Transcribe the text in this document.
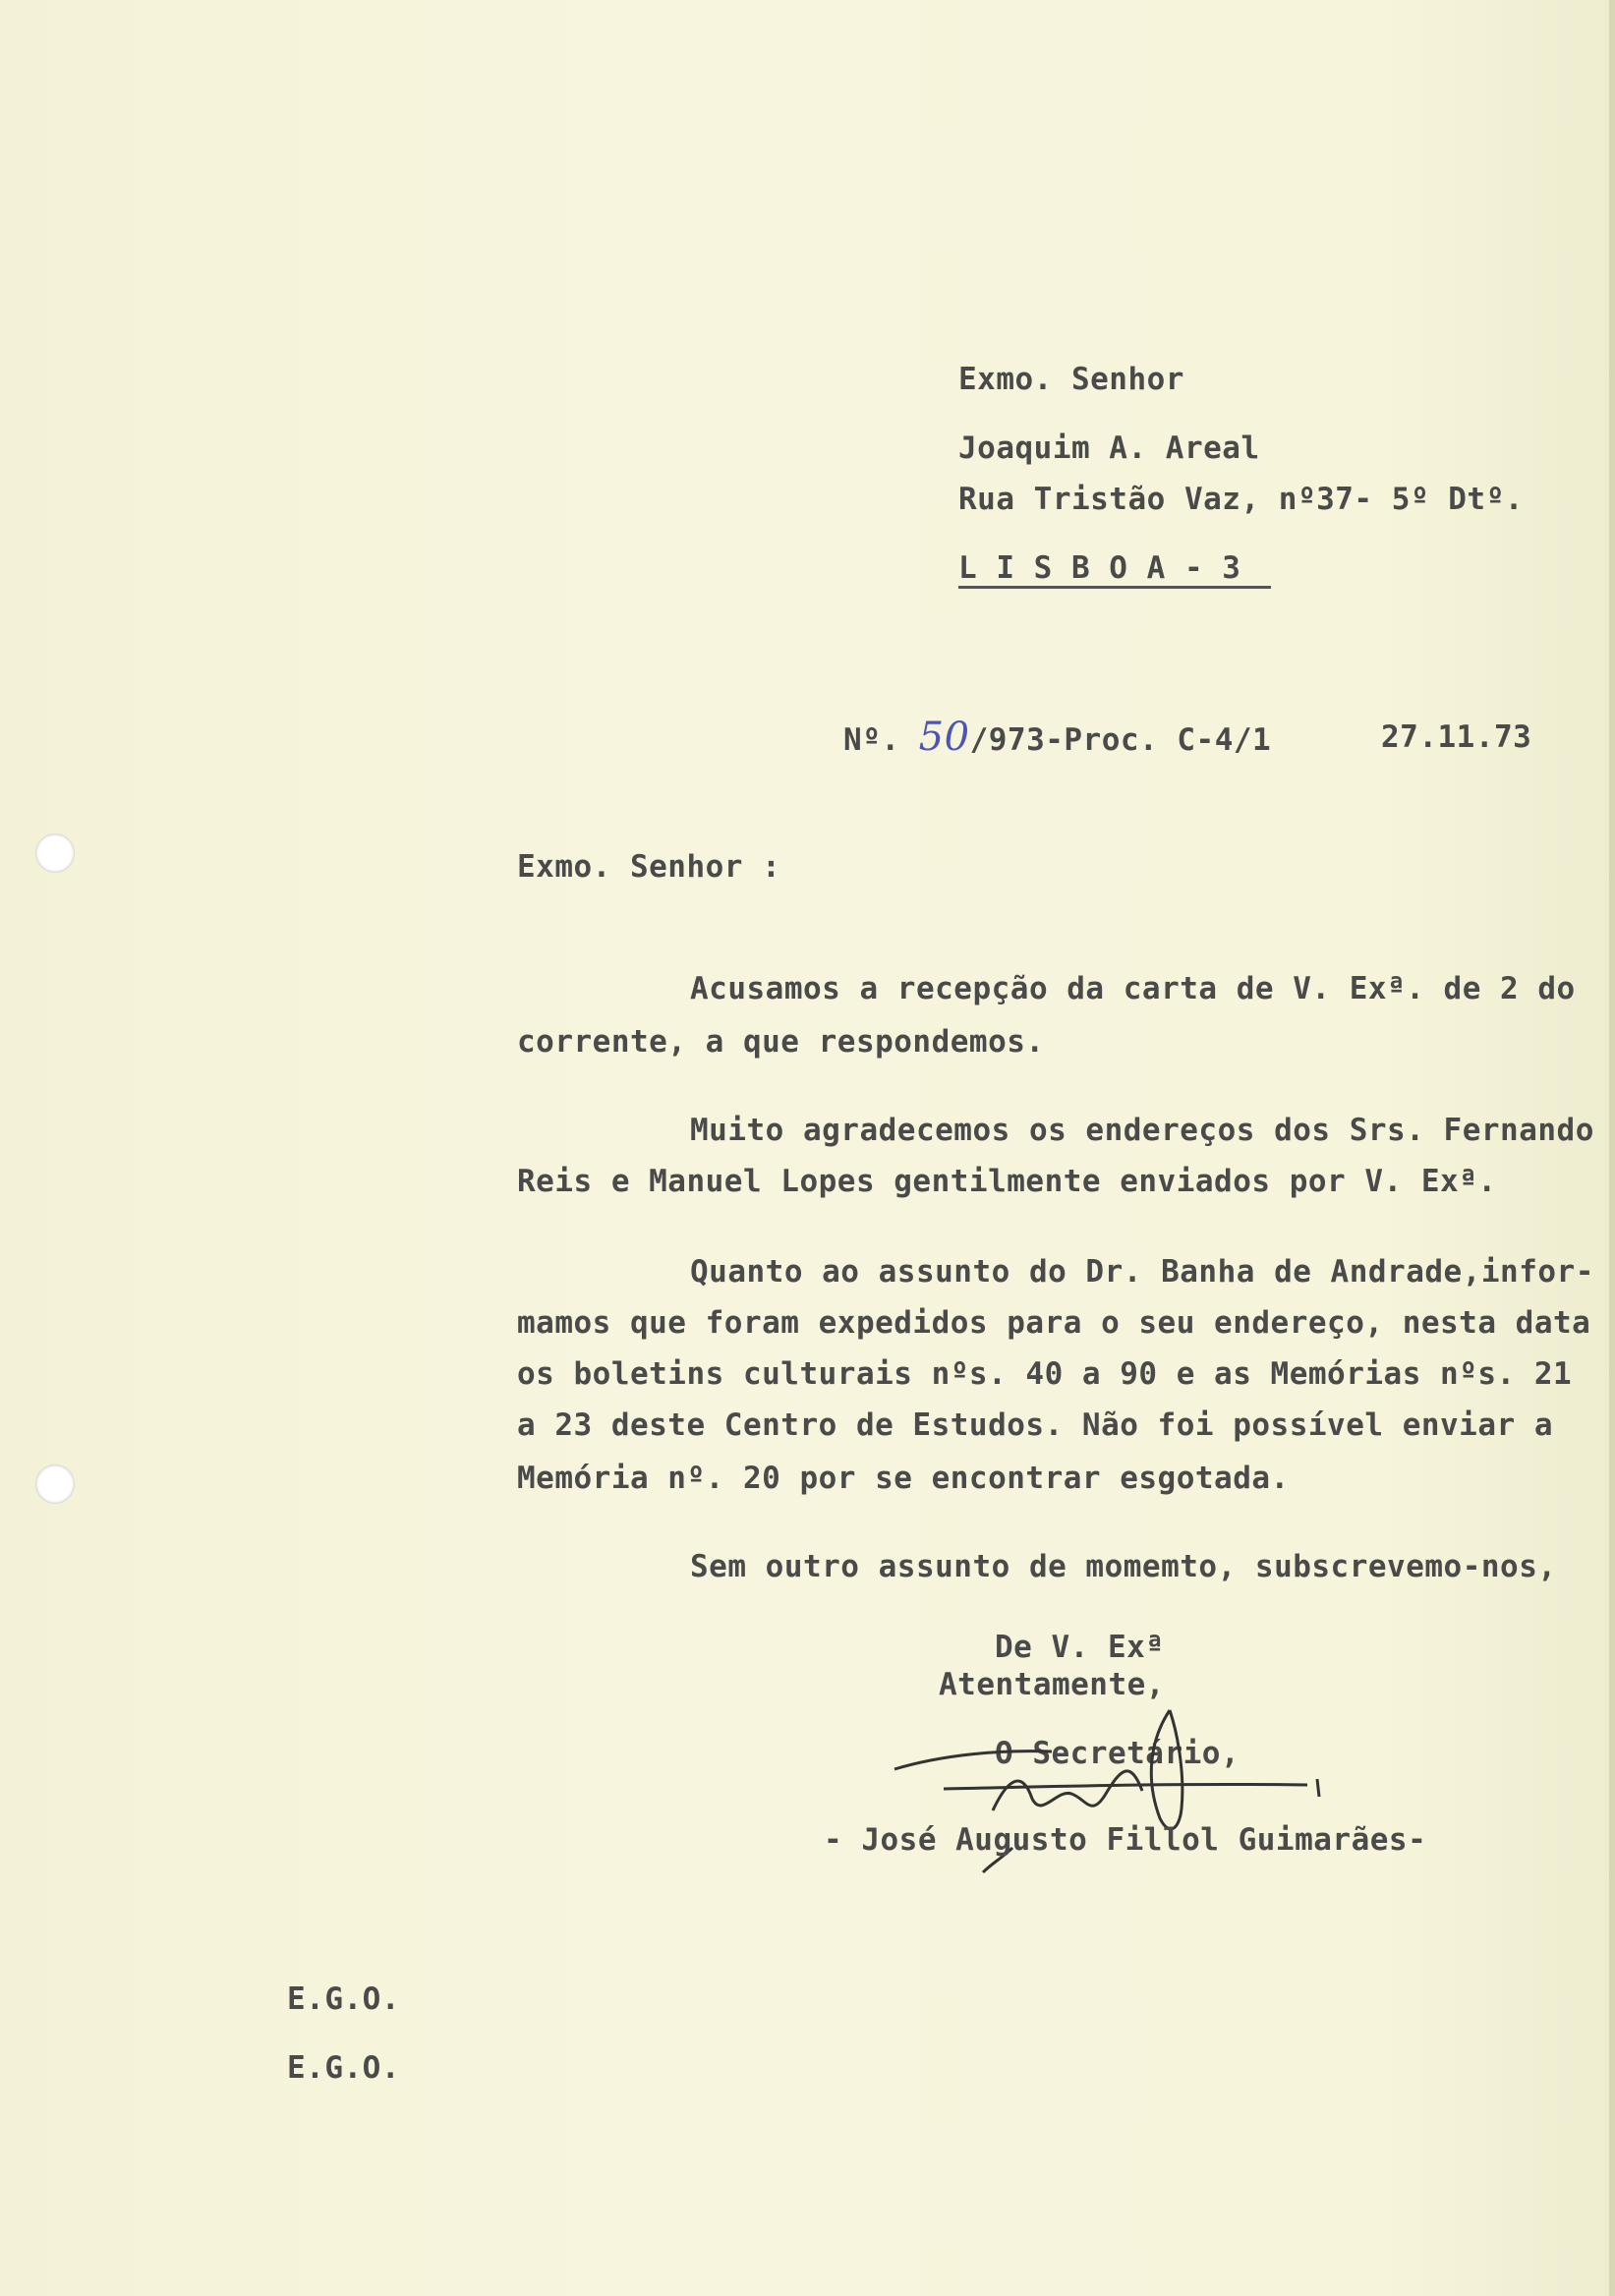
Exmo. Senhor
Joaquim A. Areal
Rua Tristão Vaz, nº37- 5º Dtº.
L I S B O A - 3
Nº. 50/973-Proc. C-4/1	27.11.73
Exmo. Senhor :
Acusamos a recepção da carta de V. Exª. de 2 do
corrente, a que respondemos.
Muito agradecemos os endereços dos Srs. Fernando
Reis e Manuel Lopes gentilmente enviados por V. Exª.
Quanto ao assunto do Dr. Banha de Andrade,infor-
mamos que foram expedidos para o seu endereço, nesta data
os boletins culturais nºs. 40 a 90 e as Memórias nºs. 21
a 23 deste Centro de Estudos. Não foi possível enviar a
Memória nº. 20 por se encontrar esgotada.
Sem outro assunto de momemto, subscrevemo-nos,
De V. Exª
Atentamente,
O Secretário,
- José Augusto Fillol Guimarães-
E.G.O.
E.G.O.
